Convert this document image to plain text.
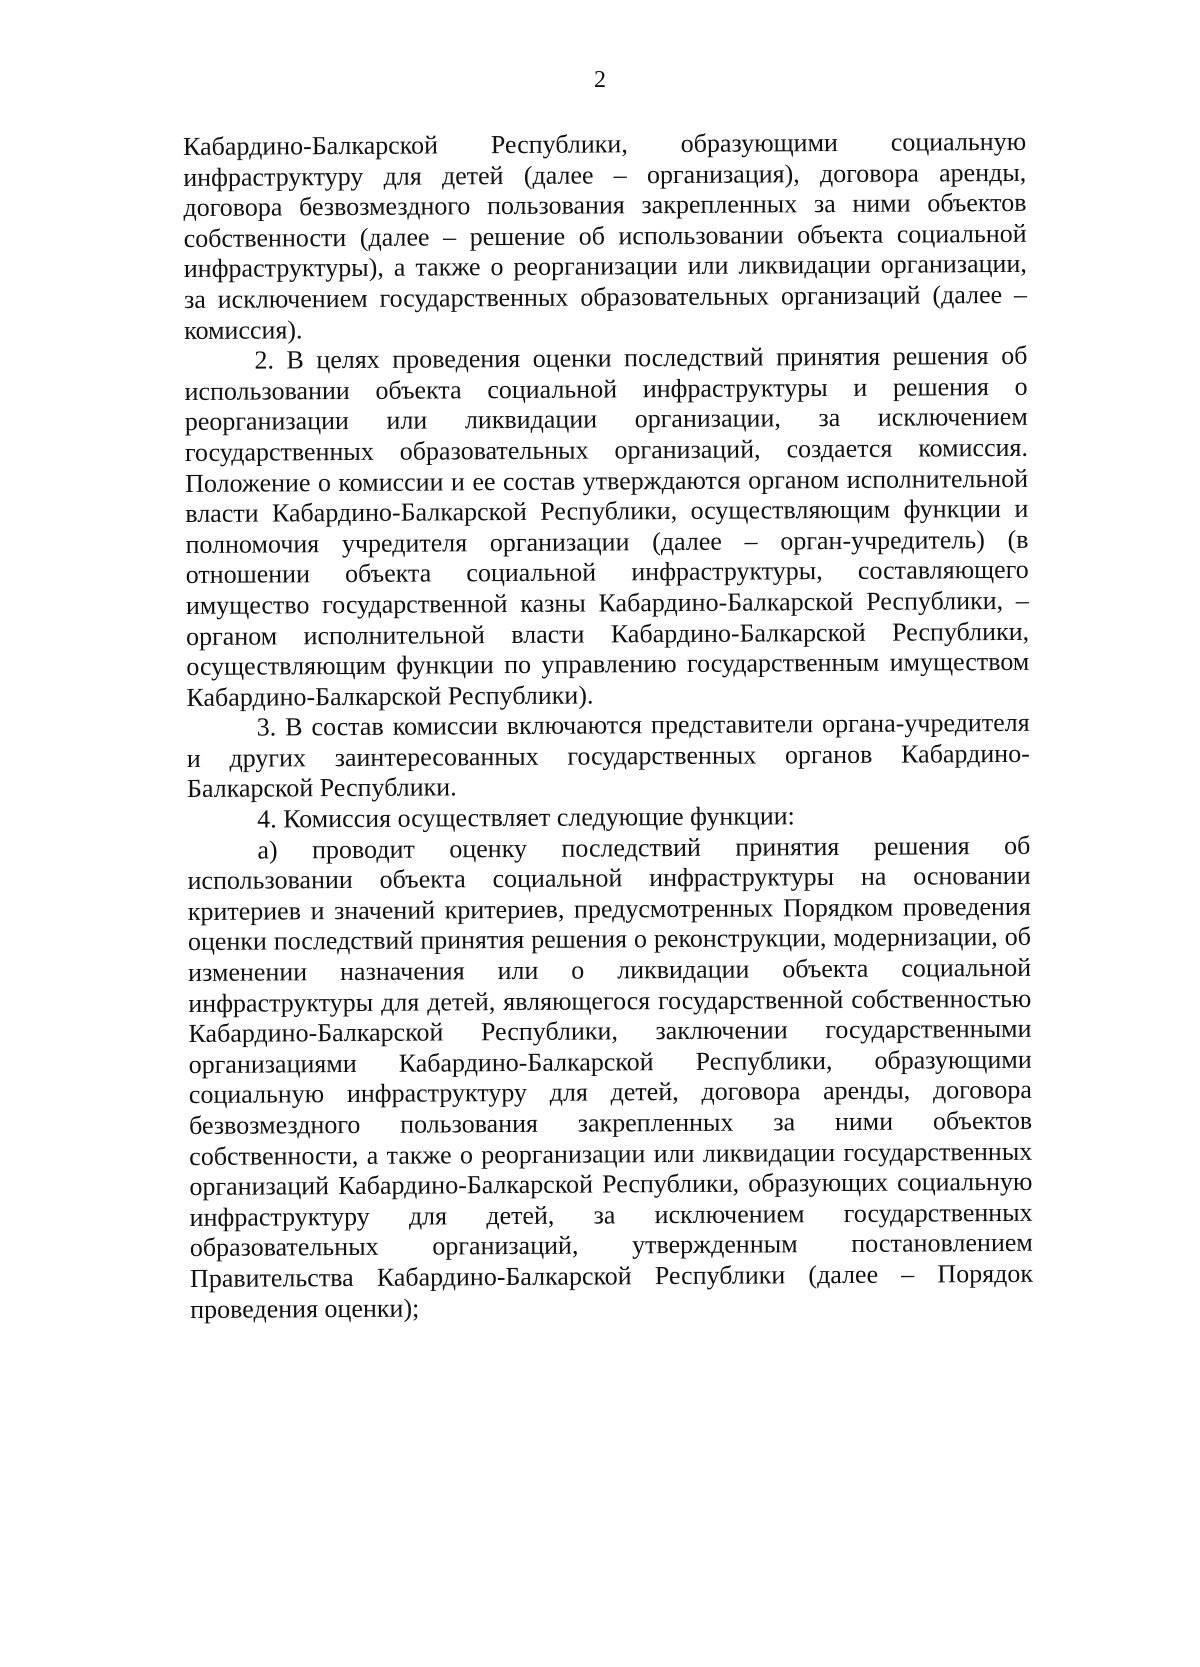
2

Кабардино-Балкарской Республики, образующими социальную инфраструктуру для детей (далее – организация), договора аренды, договора безвозмездного пользования закрепленных за ними объектов собственности (далее – решение об использовании объекта социальной инфраструктуры), а также о реорганизации или ликвидации организации, за исключением государственных образовательных организаций (далее – комиссия).

2. В целях проведения оценки последствий принятия решения об использовании объекта социальной инфраструктуры и решения о реорганизации или ликвидации организации, за исключением государственных образовательных организаций, создается комиссия. Положение о комиссии и ее состав утверждаются органом исполнительной власти Кабардино-Балкарской Республики, осуществляющим функции и полномочия учредителя организации (далее – орган-учредитель) (в отношении объекта социальной инфраструктуры, составляющего имущество государственной казны Кабардино-Балкарской Республики, – органом исполнительной власти Кабардино-Балкарской Республики, осуществляющим функции по управлению государственным имуществом Кабардино-Балкарской Республики).

3. В состав комиссии включаются представители органа-учредителя и других заинтересованных государственных органов Кабардино-Балкарской Республики.

4. Комиссия осуществляет следующие функции:

а) проводит оценку последствий принятия решения об использовании объекта социальной инфраструктуры на основании критериев и значений критериев, предусмотренных Порядком проведения оценки последствий принятия решения о реконструкции, модернизации, об изменении назначения или о ликвидации объекта социальной инфраструктуры для детей, являющегося государственной собственностью Кабардино-Балкарской Республики, заключении государственными организациями Кабардино-Балкарской Республики, образующими социальную инфраструктуру для детей, договора аренды, договора безвозмездного пользования закрепленных за ними объектов собственности, а также о реорганизации или ликвидации государственных организаций Кабардино-Балкарской Республики, образующих социальную инфраструктуру для детей, за исключением государственных образовательных организаций, утвержденным постановлением Правительства Кабардино-Балкарской Республики (далее – Порядок проведения оценки);
